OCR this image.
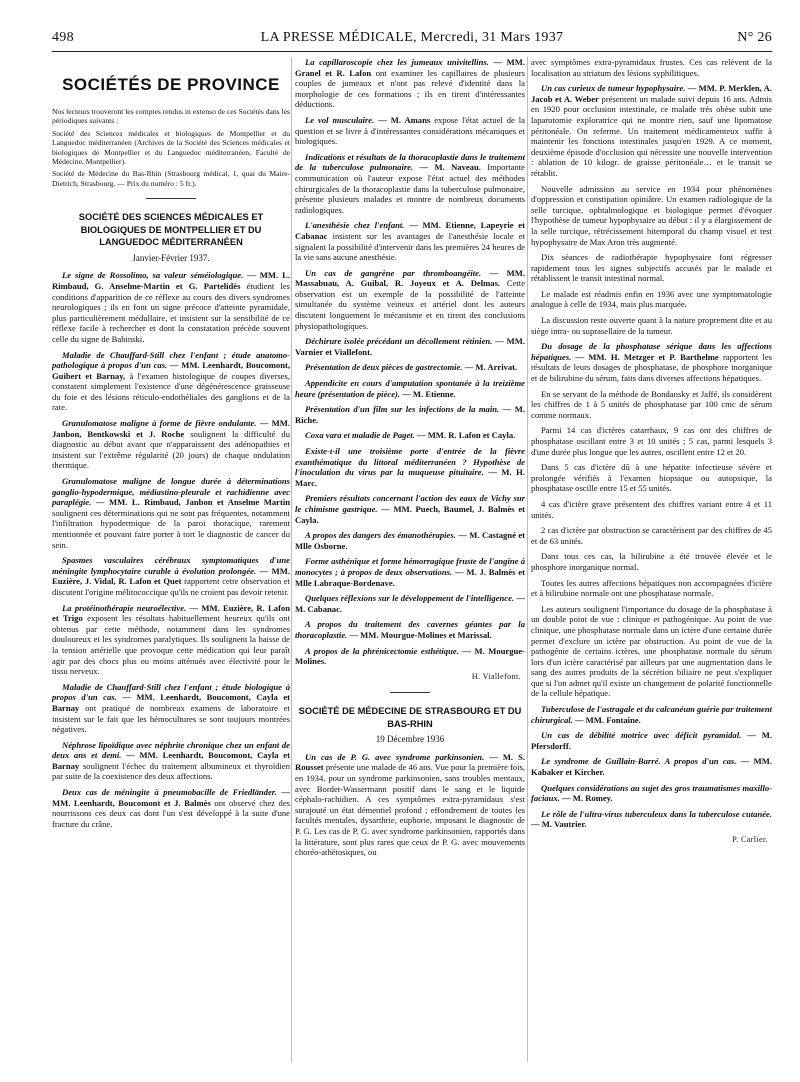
498	LA PRESSE MÉDICALE, Mercredi, 31 Mars 1937	N° 26
SOCIÉTÉS DE PROVINCE
Nos lecteurs trouveront les comptes rendus in extenso de ces Sociétés dans les périodiques suivants :
Société des Sciences médicales et biologiques de Montpellier et du Languedoc méditerranéen (Archives de la Société des Sciences médicales et biologiques de Montpellier et du Languedoc méditerranéen, Faculté de Médecine, Montpellier).
Société de Médecine du Bas-Rhin (Strasbourg médical, 1, quai du Maire-Dietrich, Strasbourg. — Prix du numéro : 5 fr.).
SOCIÉTÉ DES SCIENCES MÉDICALES ET BIOLOGIQUES DE MONTPELLIER ET DU LANGUEDOC MÉDITERRANÉEN
Janvier-Février 1937.

Le signe de Rossolimo, sa valeur séméiologique. — MM. L. Rimbaud, G. Anselme-Martin et G. Partelidès étudient les conditions d'apparition de ce réflexe au cours des divers syndromes neurologiques ; ils en font un signe précoce d'atteinte pyramidale, plus particulièrement médullaire, et insistent sur la sensibilité de ce réflexe facile à rechercher et dont la constatation précède souvent celle du signe de Babinski.

Maladie de Chauffard-Still chez l'enfant ; étude anatomo-pathologique à propos d'un cas. — MM. Leenhardt, Boucomont, Guibert et Barnay, à l'examen histologique de coupes diverses, constatent simplement l'existence d'une dégénérescence graisseuse du foie et des lésions réticulo-endothéliales des ganglions et de la rate.

Granulomatose maligne à forme de fièvre ondulante. — MM. Janbon, Bentkowski et J. Roche soulignent la difficulté du diagnostic au début avant que n'apparaissent des adénopathies et insistent sur l'extrême régularité (20 jours) de chaque ondulation thermique.

Granulomatose maligne de longue durée à déterminations ganglio-hypodermique, médiastino-pleurale et rachidienne avec paraplégie. — MM. L. Rimbaud, Janbon et Anselme Martin soulignent ces déterminations qui ne sont pas fréquentes, notamment l'infiltration hypodermique de la paroi thoracique, rarement mentionnée et pouvant faire porter à tort le diagnostic de cancer du sein.

Spasmes vasculaires cérébraux symptomatiques d'une méningite lymphocytaire curable à évolution prolongée. — MM. Euzière, J. Vidal, R. Lafon et Quet rapportent cette observation et discutent l'origine mélitococcique qu'ils ne croient pas devoir retenir.

La protéinothérapie neuroélective. — MM. Euzière, R. Lafon et Trigo exposent les résultats habituellement heureux qu'ils ont obtenus par cette méthode, notamment dans les syndromes douloureux et les syndromes paralytiques. Ils soulignent la baisse de la tension artérielle que provoque cette médication qui leur paraît agir par des chocs plus ou moins atténués avec électivité pour le tissu nerveux.

Maladie de Chauffard-Still chez l'enfant ; étude biologique à propos d'un cas. — MM. Leenhardt, Boucomont, Cayla et Barnay ont pratiqué de nombreux examens de laboratoire et insistent sur le fait que les hémocultures se sont toujours montrées négatives.

Néphrose lipoïdique avec néphrite chronique chez un enfant de deux ans et demi. — MM. Leenhardt, Boucomont, Cayla et Barnay soulignent l'échec du traitement albumineux et thyroïdien par suite de la coexistence des deux affections.

Deux cas de méningite à pneumobacille de Friedländer. — MM. Leenhardt, Boucomont et J. Balmès ont observé chez des nourrissons ces deux cas dont l'un s'est développé à la suite d'une fracture du crâne.

La capillaroscopie chez les jumeaux univitellins. — MM. Granel et R. Lafon ont examiner les capillaires de plusieurs couples de jumeaux et n'ont pas relevé d'identité dans la morphologie de ces formations ; ils en tirent d'intéressantes déductions.

Le vol musculaire. — M. Amans expose l'état actuel de la question et se livre à d'intéressantes considérations mécaniques et biologiques.

Indications et résultats de la thoracoplastie dans le traitement de la tuberculose pulmonaire. — M. Naveau. Importante communication où l'auteur expose l'état actuel des méthodes chirurgicales de la thoracoplastie dans la tuberculose pulmonaire, présente plusieurs malades et montre de nombreux documents radiologiques.

L'anesthésie chez l'enfant. — MM. Etienne, Lapeyrie et Cabanac insistent sur les avantages de l'anesthésie locale et signalent la possibilité d'intervenir dans les premières 24 heures de la vie sans aucune anesthésie.

Un cas de gangrène par thromboangéite. — MM. Massabuau, A. Guibal, R. Joyeux et A. Delmas. Cette observation est un exemple de la possibilité de l'atteinte simultanée du système veineux et artériel dont les auteurs discutent longuement le mécanisme et en tirent des conclusions physiopathologiques.

Déchirure isolée précédant un décollement rétinien. — MM. Varnier et Viallefont.

Présentation de deux pièces de gastrectomie. — M. Arrivat.

Appendicite en cours d'amputation spontanée à la treizième heure (présentation de pièce). — M. Etienne.

Présentation d'un film sur les infections de la main. — M. Riche.

Coxa vara et maladie de Paget. — MM. R. Lafon et Cayla.

Existe-t-il une troisième porte d'entrée de la fièvre exanthématique du littoral méditerranéen ? Hypothèse de l'inoculation du virus par la muqueuse pituitaire. — M. H. Marc.

Premiers résultats concernant l'action des eaux de Vichy sur le chimisme gastrique. — MM. Puech, Baumel, J. Balmès et Cayla.

A propos des dangers des émanothérapies. — M. Castagné et Mlle Osborne.

Forme asthénique et forme hémorragique fruste de l'angine à monocytes ; à propos de deux observations. — M. J. Balmès et Mlle Labraque-Bordenave.

Quelques réflexions sur le développement de l'intelligence. — M. Cabanac.

A propos du traitement des cavernes géantes par la thoracoplastie. — MM. Mourgue-Molines et Marissal.

A propos de la phrénicectomie esthétique. — M. Mourgue-Molines.

H. Viallefont.
SOCIÉTÉ DE MÉDECINE DE STRASBOURG ET DU BAS-RHIN
19 Décembre 1936

Un cas de P. G. avec syndrome parkinsonien. — M. S. Rousset présente une malade de 46 ans. Vue pour la première fois, en 1934, pour un syndrome parkinsonien, sans troubles mentaux, avec Bordet-Wassermann positif dans le sang et le liquide céphalo-rachidien. A ces symptômes extra-pyramidaux s'est surajouté un état démentiel profond ; effondrement de toutes les facultés mentales, dysarthrie, euphorie, imposant le diagnostic de P. G. Les cas de P. G. avec syndrome parkinsonien, rapportés dans la littérature, sont plus rares que ceux de P. G. avec mouvements choréo-athétosiques, ou

avec symptômes extra-pyramidaux frustes. Ces cas relèvent de la localisation au striatum des lésions syphilitiques.

Un cas curieux de tumeur hypophysaire. — MM. P. Merklen, A. Jacob et A. Weber présentent un malade suivi depuis 16 ans. Admis en 1920 pour occlusion intestinale, ce malade très obèse subit une laparotomie exploratrice qui ne montre rien, sauf une lipomatose péritonéale. On referme. Un traitement médicamenteux suffit à maintenir les fonctions intestinales jusqu'en 1929. A ce moment, deuxième épisode d'occlusion qui nécessite une nouvelle intervention : ablation de 10 kilogr. de graisse péritonéale… et le transit se rétablit.

Nouvelle admission au service en 1934 pour phénomènes d'oppression et constipation opiniâtre. Un examen radiologique de la selle turcique, ophtalmologique et biologique permet d'évoquer l'hypothèse de tumeur hypophysaire au début : il y a élargissement de la selle turcique, rétrécissement bitemporal du champ visuel et test hypophysaire de Max Aron très augmenté.

Dix séances de radiothérapie hypophysaire font régresser rapidement tous les signes subjectifs accusés par le malade et rétablissent le transit intestinal normal.

Le malade est réadmis enfin en 1936 avec une symptomatologie analogue à celle de 1934, mais plus marquée.

La discussion reste ouverte quant à la nature proprement dite et au siège intra- ou suprasellaire de la tumeur.

Du dosage de la phosphatase sérique dans les affections hépatiques. — MM. H. Metzger et P. Barthelme rapportent les résultats de leurs dosages de phosphatase, de phosphore inorganique et de bilirubine du sérum, faits dans diverses affections hépatiques.

En se servant de la méthode de Bondansky et Jaffé, ils considèrent les chiffres de 1 à 5 unités de phosphatase par 100 cmc de sérum comme normaux.

Parmi 14 cas d'ictères catarrhaux, 9 cas ont des chiffres de phosphatase oscillant entre 3 et 10 unités ; 5 cas, parmi lesquels 3 d'une durée plus longue que les autres, oscillent entre 12 et 20.

Dans 5 cas d'ictère dû à une hépatite infectieuse sévère et prolongée vérifiés à l'examen biopsique ou autopsique, la phosphatase oscille entre 15 et 55 unités.

4 cas d'ictère grave présentent des chiffres variant entre 4 et 11 unités.

2 cas d'ictère par obstruction se caractérisent par des chiffres de 45 et de 63 unités.

Dans tous ces cas, la bilirubine a été trouvée élevée et le phosphore inorganique normal.

Toutes les autres affections hépatiques non accompagnées d'ictère et à bilirubine normale ont une phosphatase normale.

Les auteurs soulignent l'importance du dosage de la phosphatase à un double point de vue : clinique et pathogénique. Au point de vue clinique, une phosphatase normale dans un ictère d'une certaine durée permet d'exclure un ictère par obstruction. Au point de vue de la pathogénie de certains ictères, une phosphatase normale du sérum lors d'un ictère caractérisé par ailleurs par une augmentation dans le sang des autres produits de la sécrétion biliaire ne peut s'expliquer que si l'on admet qu'il existe un changement de polarité fonctionnelle de la cellule hépatique.

Tuberculose de l'astragale et du calcanéum guérie par traitement chirurgical. — MM. Fontaine.

Un cas de débilité motrice avec déficit pyramidal. — M. Pfersdorff.

Le syndrome de Guillain-Barré. A propos d'un cas. — MM. Kabaker et Kircher.

Quelques considérations au sujet des gros traumatismes maxillo-faciaux. — M. Romey.

Le rôle de l'ultra-virus tuberculeux dans la tuberculose cutanée. — M. Vautrier.

P. Carlier.
